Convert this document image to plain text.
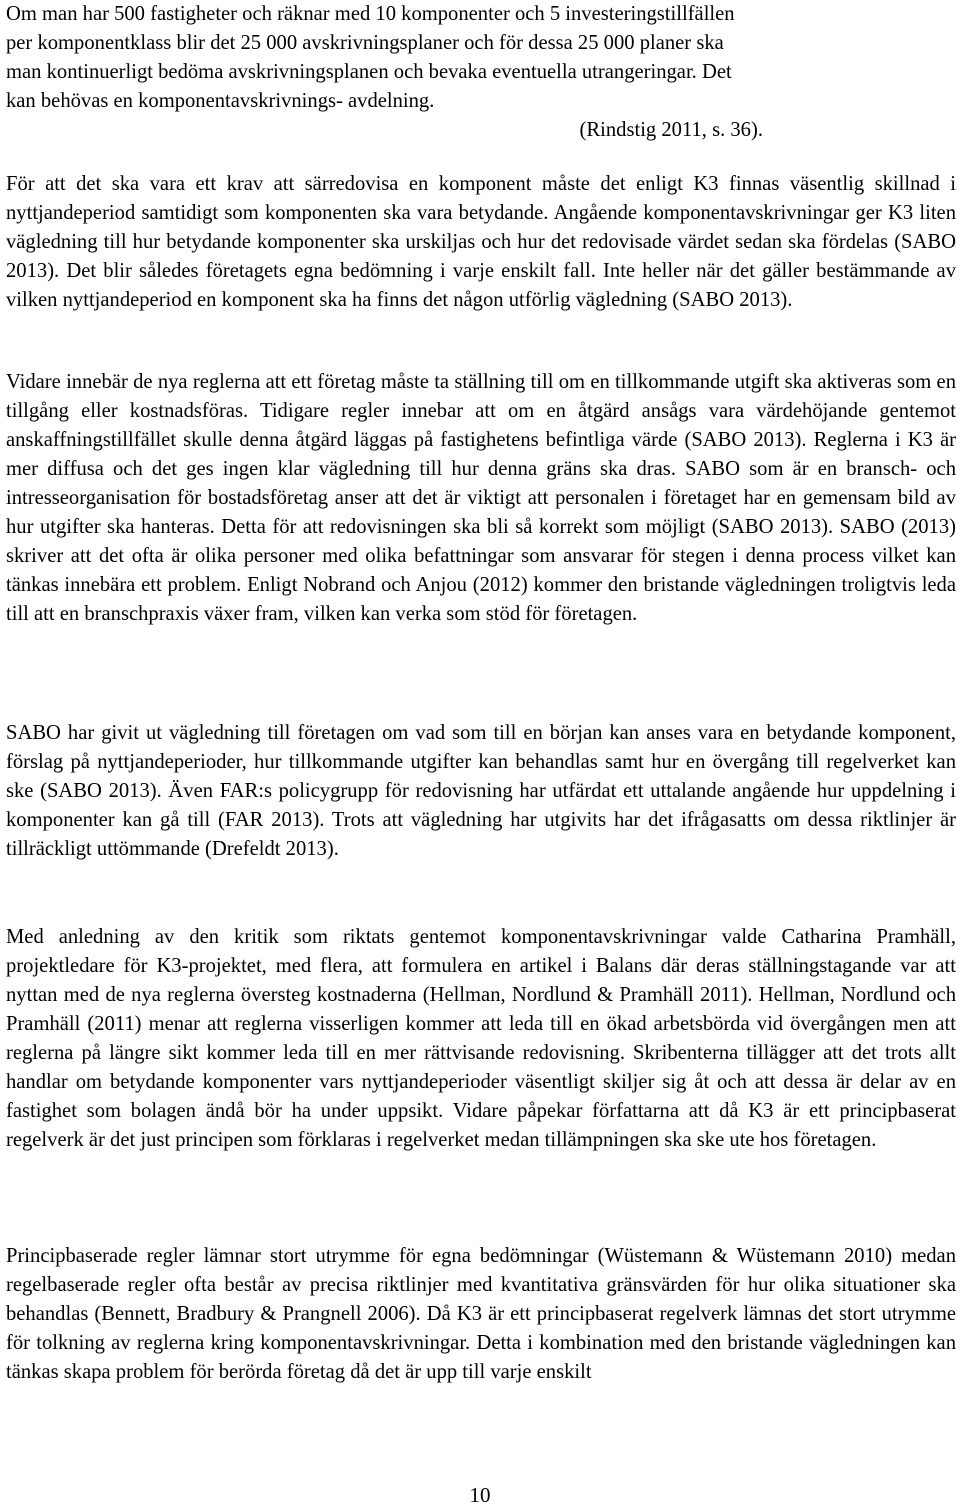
Om man har 500 fastigheter och räknar med 10 komponenter och 5 investeringstillfällen
per komponentklass blir det 25 000 avskrivningsplaner och för dessa 25 000 planer ska
man kontinuerligt bedöma avskrivningsplanen och bevaka eventuella utrangeringar. Det
kan behövas en komponentavskrivnings- avdelning.
(Rindstig 2011, s. 36).

För att det ska vara ett krav att särredovisa en komponent måste det enligt K3 finnas väsentlig skillnad i nyttjandeperiod samtidigt som komponenten ska vara betydande. Angående komponentavskrivningar ger K3 liten vägledning till hur betydande komponenter ska urskiljas och hur det redovisade värdet sedan ska fördelas (SABO 2013). Det blir således företagets egna bedömning i varje enskilt fall. Inte heller när det gäller bestämmande av vilken nyttjandeperiod en komponent ska ha finns det någon utförlig vägledning (SABO 2013).

Vidare innebär de nya reglerna att ett företag måste ta ställning till om en tillkommande utgift ska aktiveras som en tillgång eller kostnadsföras. Tidigare regler innebar att om en åtgärd ansågs vara värdehöjande gentemot anskaffningstillfället skulle denna åtgärd läggas på fastighetens befintliga värde (SABO 2013). Reglerna i K3 är mer diffusa och det ges ingen klar vägledning till hur denna gräns ska dras. SABO som är en bransch- och intresseorganisation för bostadsföretag anser att det är viktigt att personalen i företaget har en gemensam bild av hur utgifter ska hanteras. Detta för att redovisningen ska bli så korrekt som möjligt (SABO 2013). SABO (2013) skriver att det ofta är olika personer med olika befattningar som ansvarar för stegen i denna process vilket kan tänkas innebära ett problem. Enligt Nobrand och Anjou (2012) kommer den bristande vägledningen troligtvis leda till att en branschpraxis växer fram, vilken kan verka som stöd för företagen.

SABO har givit ut vägledning till företagen om vad som till en början kan anses vara en betydande komponent, förslag på nyttjandeperioder, hur tillkommande utgifter kan behandlas samt hur en övergång till regelverket kan ske (SABO 2013). Även FAR:s policygrupp för redovisning har utfärdat ett uttalande angående hur uppdelning i komponenter kan gå till (FAR 2013). Trots att vägledning har utgivits har det ifrågasatts om dessa riktlinjer är tillräckligt uttömmande (Drefeldt 2013).

Med anledning av den kritik som riktats gentemot komponentavskrivningar valde Catharina Pramhäll, projektledare för K3-projektet, med flera, att formulera en artikel i Balans där deras ställningstagande var att nyttan med de nya reglerna översteg kostnaderna (Hellman, Nordlund & Pramhäll 2011). Hellman, Nordlund och Pramhäll (2011) menar att reglerna visserligen kommer att leda till en ökad arbetsbörda vid övergången men att reglerna på längre sikt kommer leda till en mer rättvisande redovisning. Skribenterna tillägger att det trots allt handlar om betydande komponenter vars nyttjandeperioder väsentligt skiljer sig åt och att dessa är delar av en fastighet som bolagen ändå bör ha under uppsikt. Vidare påpekar författarna att då K3 är ett principbaserat regelverk är det just principen som förklaras i regelverket medan tillämpningen ska ske ute hos företagen.

Principbaserade regler lämnar stort utrymme för egna bedömningar (Wüstemann & Wüstemann 2010) medan regelbaserade regler ofta består av precisa riktlinjer med kvantitativa gränsvärden för hur olika situationer ska behandlas (Bennett, Bradbury & Prangnell 2006). Då K3 är ett principbaserat regelverk lämnas det stort utrymme för tolkning av reglerna kring komponentavskrivningar. Detta i kombination med den bristande vägledningen kan tänkas skapa problem för berörda företag då det är upp till varje enskilt

10
